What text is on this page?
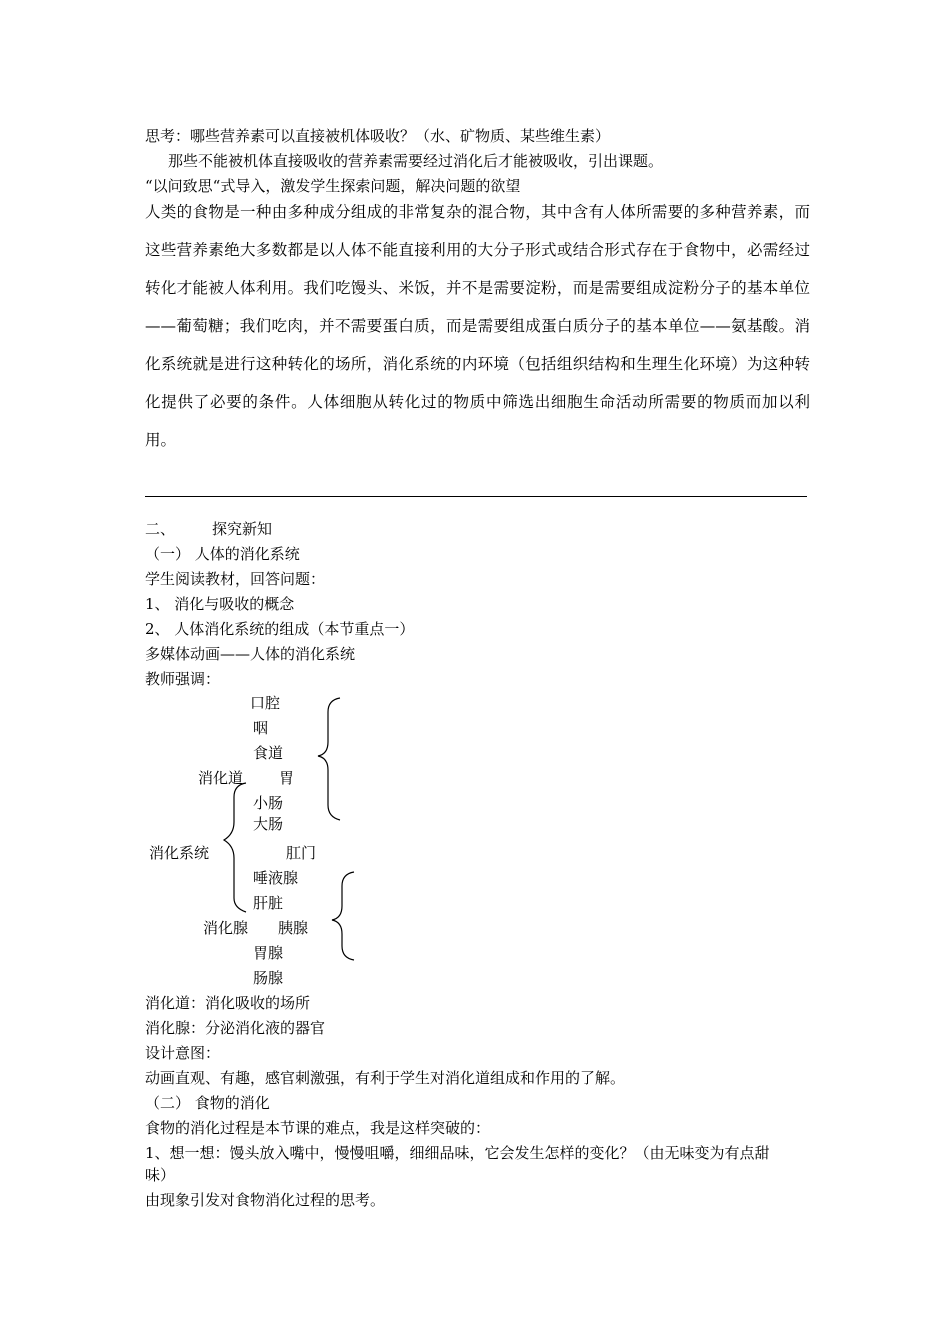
思考：哪些营养素可以直接被机体吸收？（水、矿物质、某些维生素）
那些不能被机体直接吸收的营养素需要经过消化后才能被吸收，引出课题。
“以问致思“式导入，激发学生探索问题，解决问题的欲望
人类的食物是一种由多种成分组成的非常复杂的混合物，其中含有人体所需要的多种营养素，而这些营养素绝大多数都是以人体不能直接利用的大分子形式或结合形式存在于食物中，必需经过转化才能被人体利用。我们吃馒头、米饭，并不是需要淀粉，而是需要组成淀粉分子的基本单位——葡萄糖；我们吃肉，并不需要蛋白质，而是需要组成蛋白质分子的基本单位——氨基酸。消化系统就是进行这种转化的场所，消化系统的内环境（包括组织结构和生理生化环境）为这种转化提供了必要的条件。人体细胞从转化过的物质中筛选出细胞生命活动所需要的物质而加以利用。
二、 探究新知
（一） 人体的消化系统
学生阅读教材，回答问题：
1、 消化与吸收的概念
2、 人体消化系统的组成（本节重点一）
多媒体动画——人体的消化系统
教师强调：
口腔
咽
食道
消化道 胃
小肠
大肠
消化系统	肛门
唾液腺
肝脏
消化腺 胰腺
胃腺
肠腺
消化道：消化吸收的场所
消化腺：分泌消化液的器官
设计意图：
动画直观、有趣，感官刺激强，有利于学生对消化道组成和作用的了解。
（二） 食物的消化
食物的消化过程是本节课的难点，我是这样突破的：
1、想一想：馒头放入嘴中，慢慢咀嚼，细细品味，它会发生怎样的变化？（由无味变为有点甜
味）
由现象引发对食物消化过程的思考。
